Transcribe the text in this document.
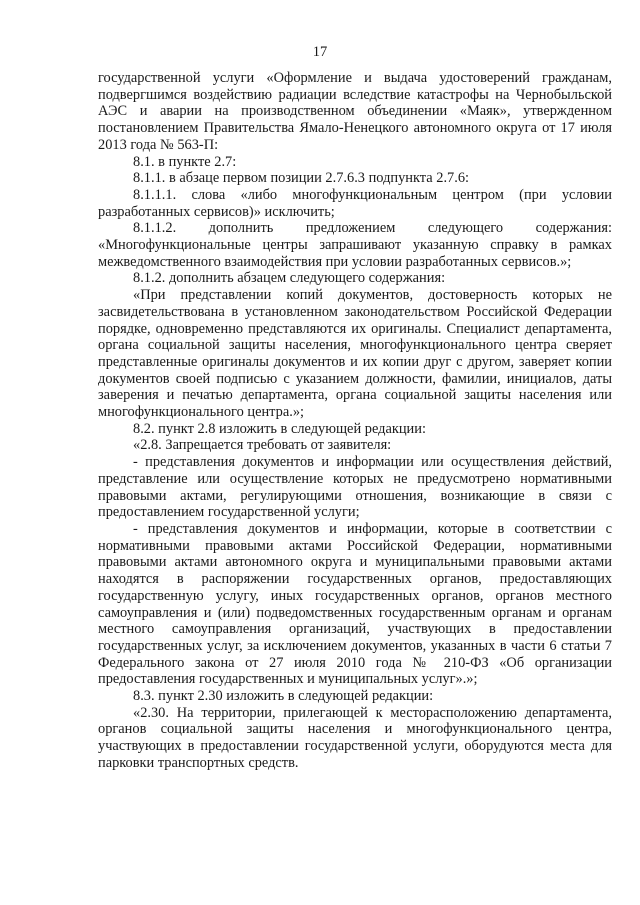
17

государственной услуги «Оформление и выдача удостоверений гражданам, подвергшимся воздействию радиации вследствие катастрофы на Чернобыльской АЭС и аварии на производственном объединении «Маяк», утвержденном постановлением Правительства Ямало-Ненецкого автономного округа от 17 июля 2013 года № 563-П:

8.1. в пункте 2.7:

8.1.1. в абзаце первом позиции 2.7.6.3 подпункта 2.7.6:

8.1.1.1. слова «либо многофункциональным центром (при условии разработанных сервисов)» исключить;

8.1.1.2. дополнить предложением следующего содержания: «Многофункциональные центры запрашивают указанную справку в рамках межведомственного взаимодействия при условии разработанных сервисов.»;

8.1.2. дополнить абзацем следующего содержания:

«При представлении копий документов, достоверность которых не засвидетельствована в установленном законодательством Российской Федерации порядке, одновременно представляются их оригиналы. Специалист департамента, органа социальной защиты населения, многофункционального центра сверяет представленные оригиналы документов и их копии друг с другом, заверяет копии документов своей подписью с указанием должности, фамилии, инициалов, даты заверения и печатью департамента, органа социальной защиты населения или многофункционального центра.»;

8.2. пункт 2.8 изложить в следующей редакции:

«2.8. Запрещается требовать от заявителя:

- представления документов и информации или осуществления действий, представление или осуществление которых не предусмотрено нормативными правовыми актами, регулирующими отношения, возникающие в связи с предоставлением государственной услуги;

- представления документов и информации, которые в соответствии с нормативными правовыми актами Российской Федерации, нормативными правовыми актами автономного округа и муниципальными правовыми актами находятся в распоряжении государственных органов, предоставляющих государственную услугу, иных государственных органов, органов местного самоуправления и (или) подведомственных государственным органам и органам местного самоуправления организаций, участвующих в предоставлении государственных услуг, за исключением документов, указанных в части 6 статьи 7 Федерального закона от 27 июля 2010 года № 210-ФЗ «Об организации предоставления государственных и муниципальных услуг».»;

8.3. пункт 2.30 изложить в следующей редакции:

«2.30. На территории, прилегающей к месторасположению департамента, органов социальной защиты населения и многофункционального центра, участвующих в предоставлении государственной услуги, оборудуются места для парковки транспортных средств.
